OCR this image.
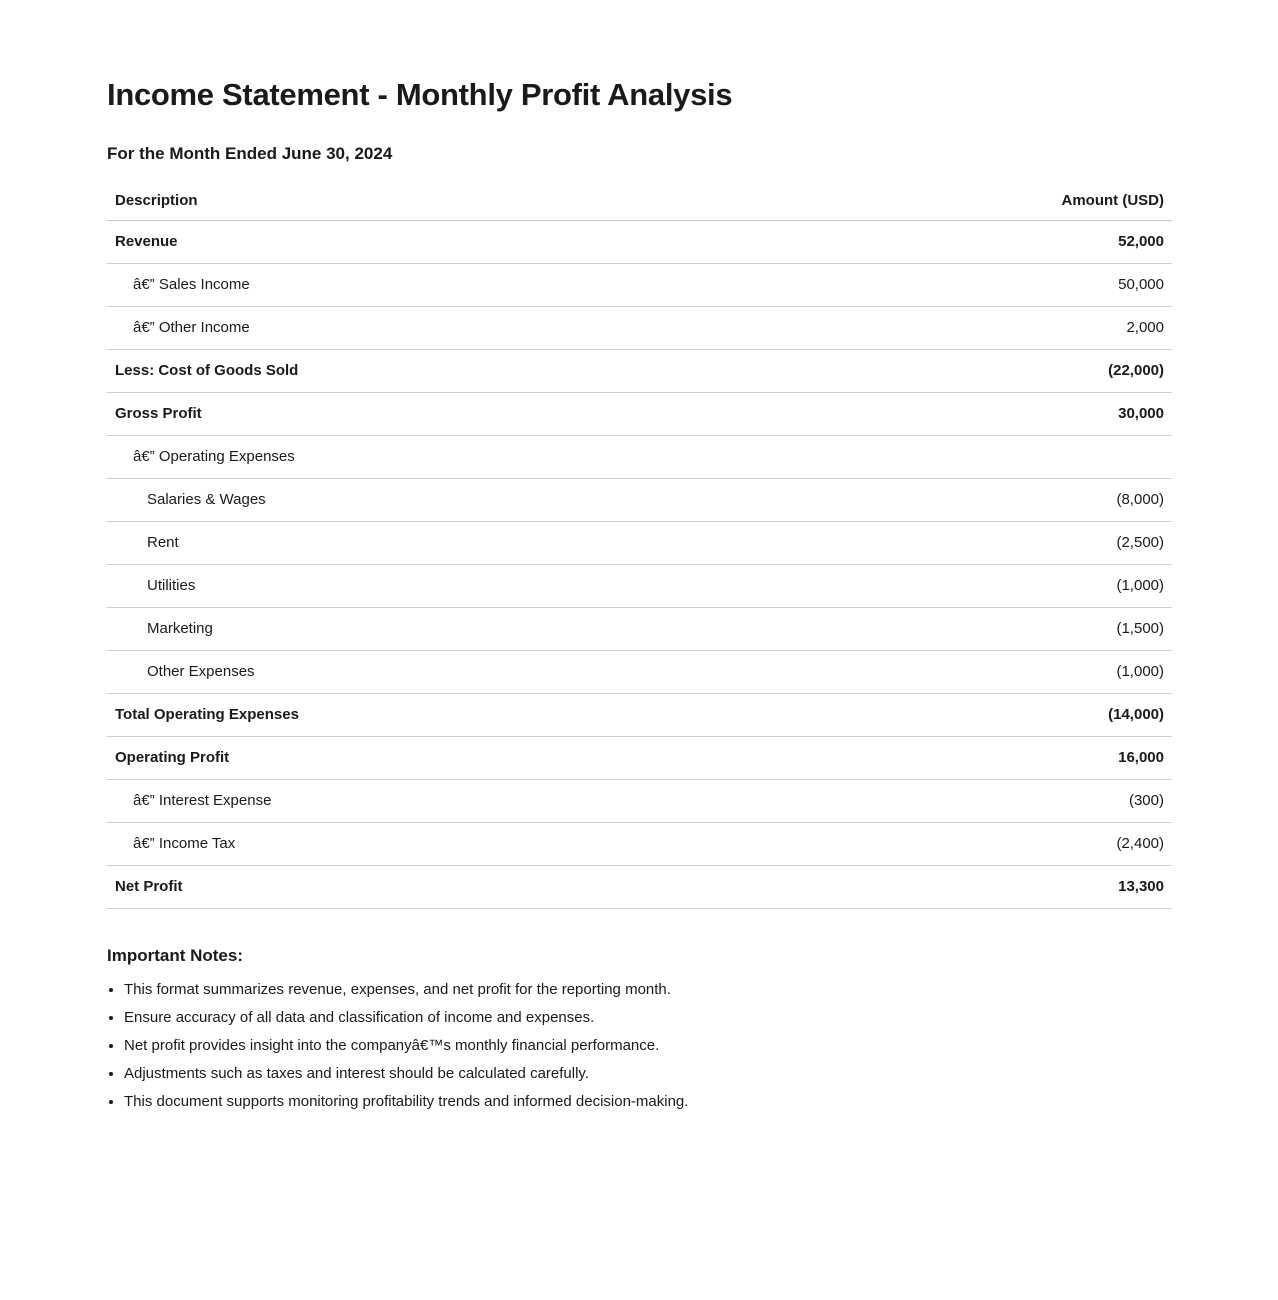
Income Statement - Monthly Profit Analysis

For the Month Ended June 30, 2024

Description	Amount (USD)
Revenue	52,000
â€” Sales Income	50,000
â€” Other Income	2,000
Less: Cost of Goods Sold	(22,000)
Gross Profit	30,000
â€” Operating Expenses	
Salaries & Wages	(8,000)
Rent	(2,500)
Utilities	(1,000)
Marketing	(1,500)
Other Expenses	(1,000)
Total Operating Expenses	(14,000)
Operating Profit	16,000
â€” Interest Expense	(300)
â€” Income Tax	(2,400)
Net Profit	13,300

Important Notes:

• This format summarizes revenue, expenses, and net profit for the reporting month.
• Ensure accuracy of all data and classification of income and expenses.
• Net profit provides insight into the companyâ€™s monthly financial performance.
• Adjustments such as taxes and interest should be calculated carefully.
• This document supports monitoring profitability trends and informed decision-making.
